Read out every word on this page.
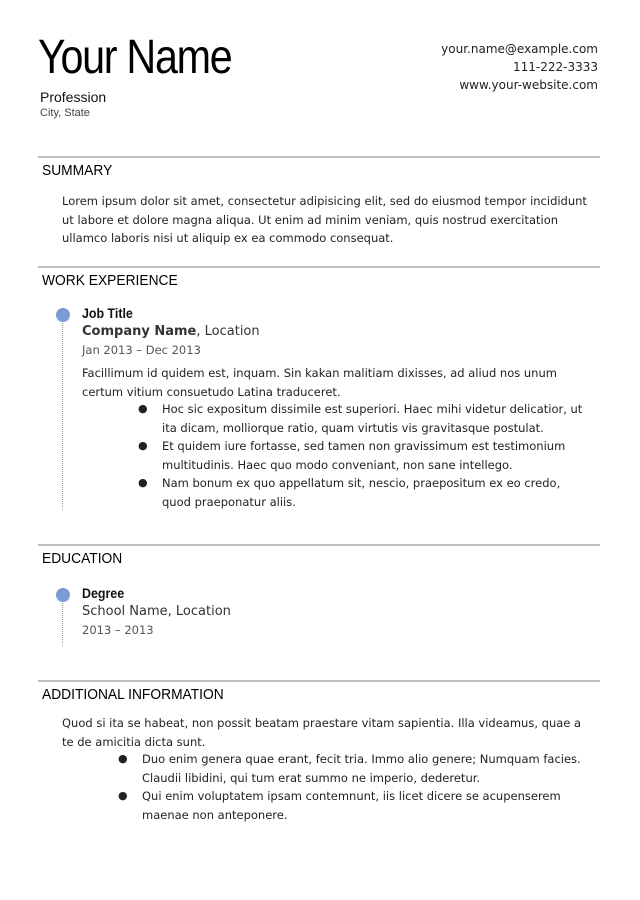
Your Name
Profession
City, State
your.name@example.com
111-222-3333
www.your-website.com
SUMMARY
Lorem ipsum dolor sit amet, consectetur adipisicing elit, sed do eiusmod tempor incididunt ut labore et dolore magna aliqua. Ut enim ad minim veniam, quis nostrud exercitation ullamco laboris nisi ut aliquip ex ea commodo consequat.
WORK EXPERIENCE
Job Title
Company Name, Location
Jan 2013 – Dec 2013
Facillimum id quidem est, inquam. Sin kakan malitiam dixisses, ad aliud nos unum certum vitium consuetudo Latina traduceret.
● Hoc sic expositum dissimile est superiori. Haec mihi videtur delicatior, ut ita dicam, molliorque ratio, quam virtutis vis gravitasque postulat.
● Et quidem iure fortasse, sed tamen non gravissimum est testimonium multitudinis. Haec quo modo conveniant, non sane intellego.
● Nam bonum ex quo appellatum sit, nescio, praepositum ex eo credo, quod praeponatur aliis.
EDUCATION
Degree
School Name, Location
2013 – 2013
ADDITIONAL INFORMATION
Quod si ita se habeat, non possit beatam praestare vitam sapientia. Illa videamus, quae a te de amicitia dicta sunt.
● Duo enim genera quae erant, fecit tria. Immo alio genere; Numquam facies. Claudii libidini, qui tum erat summo ne imperio, dederetur.
● Qui enim voluptatem ipsam contemnunt, iis licet dicere se acupenserem maenae non anteponere.
